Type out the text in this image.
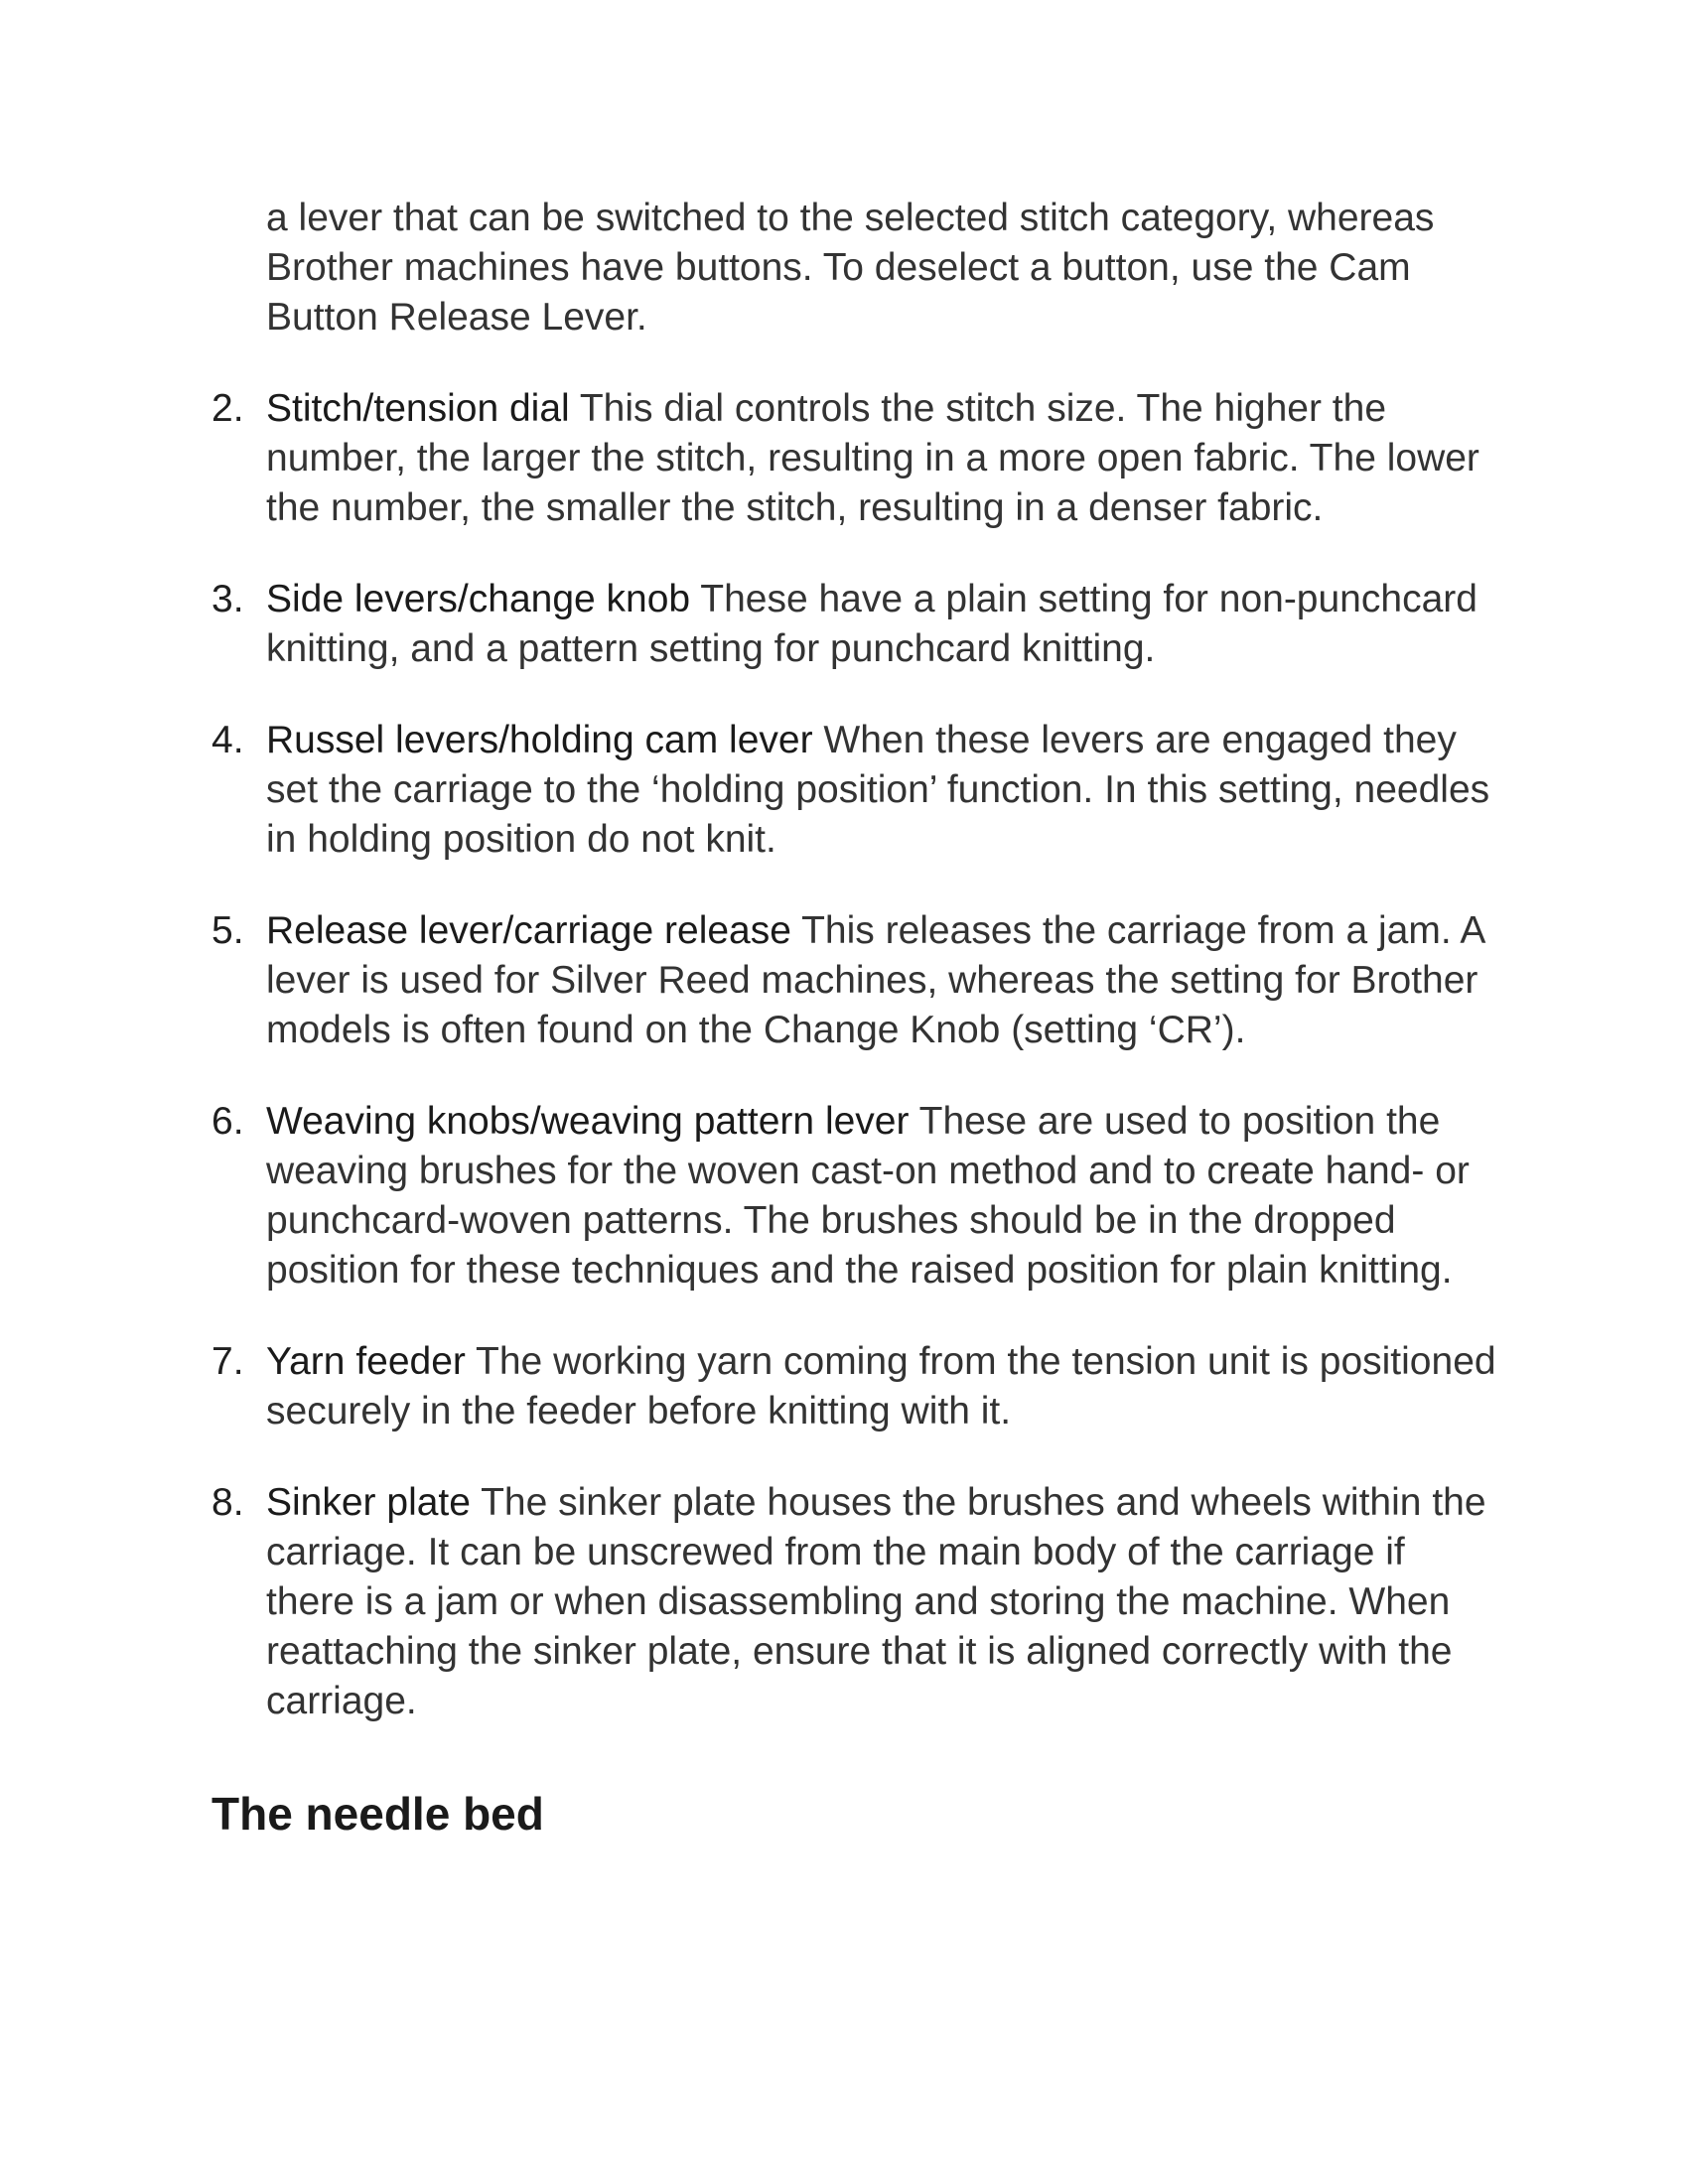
a lever that can be switched to the selected stitch category, whereas Brother machines have buttons. To deselect a button, use the Cam Button Release Lever.

2. Stitch/tension dial This dial controls the stitch size. The higher the number, the larger the stitch, resulting in a more open fabric. The lower the number, the smaller the stitch, resulting in a denser fabric.
3. Side levers/change knob These have a plain setting for non-punchcard knitting, and a pattern setting for punchcard knitting.
4. Russel levers/holding cam lever When these levers are engaged they set the carriage to the ‘holding position’ function. In this setting, needles in holding position do not knit.
5. Release lever/carriage release This releases the carriage from a jam. A lever is used for Silver Reed machines, whereas the setting for Brother models is often found on the Change Knob (setting ‘CR’).
6. Weaving knobs/weaving pattern lever These are used to position the weaving brushes for the woven cast-on method and to create hand- or punchcard-woven patterns. The brushes should be in the dropped position for these techniques and the raised position for plain knitting.
7. Yarn feeder The working yarn coming from the tension unit is positioned securely in the feeder before knitting with it.
8. Sinker plate The sinker plate houses the brushes and wheels within the carriage. It can be unscrewed from the main body of the carriage if there is a jam or when disassembling and storing the machine. When reattaching the sinker plate, ensure that it is aligned correctly with the carriage.
The needle bed
